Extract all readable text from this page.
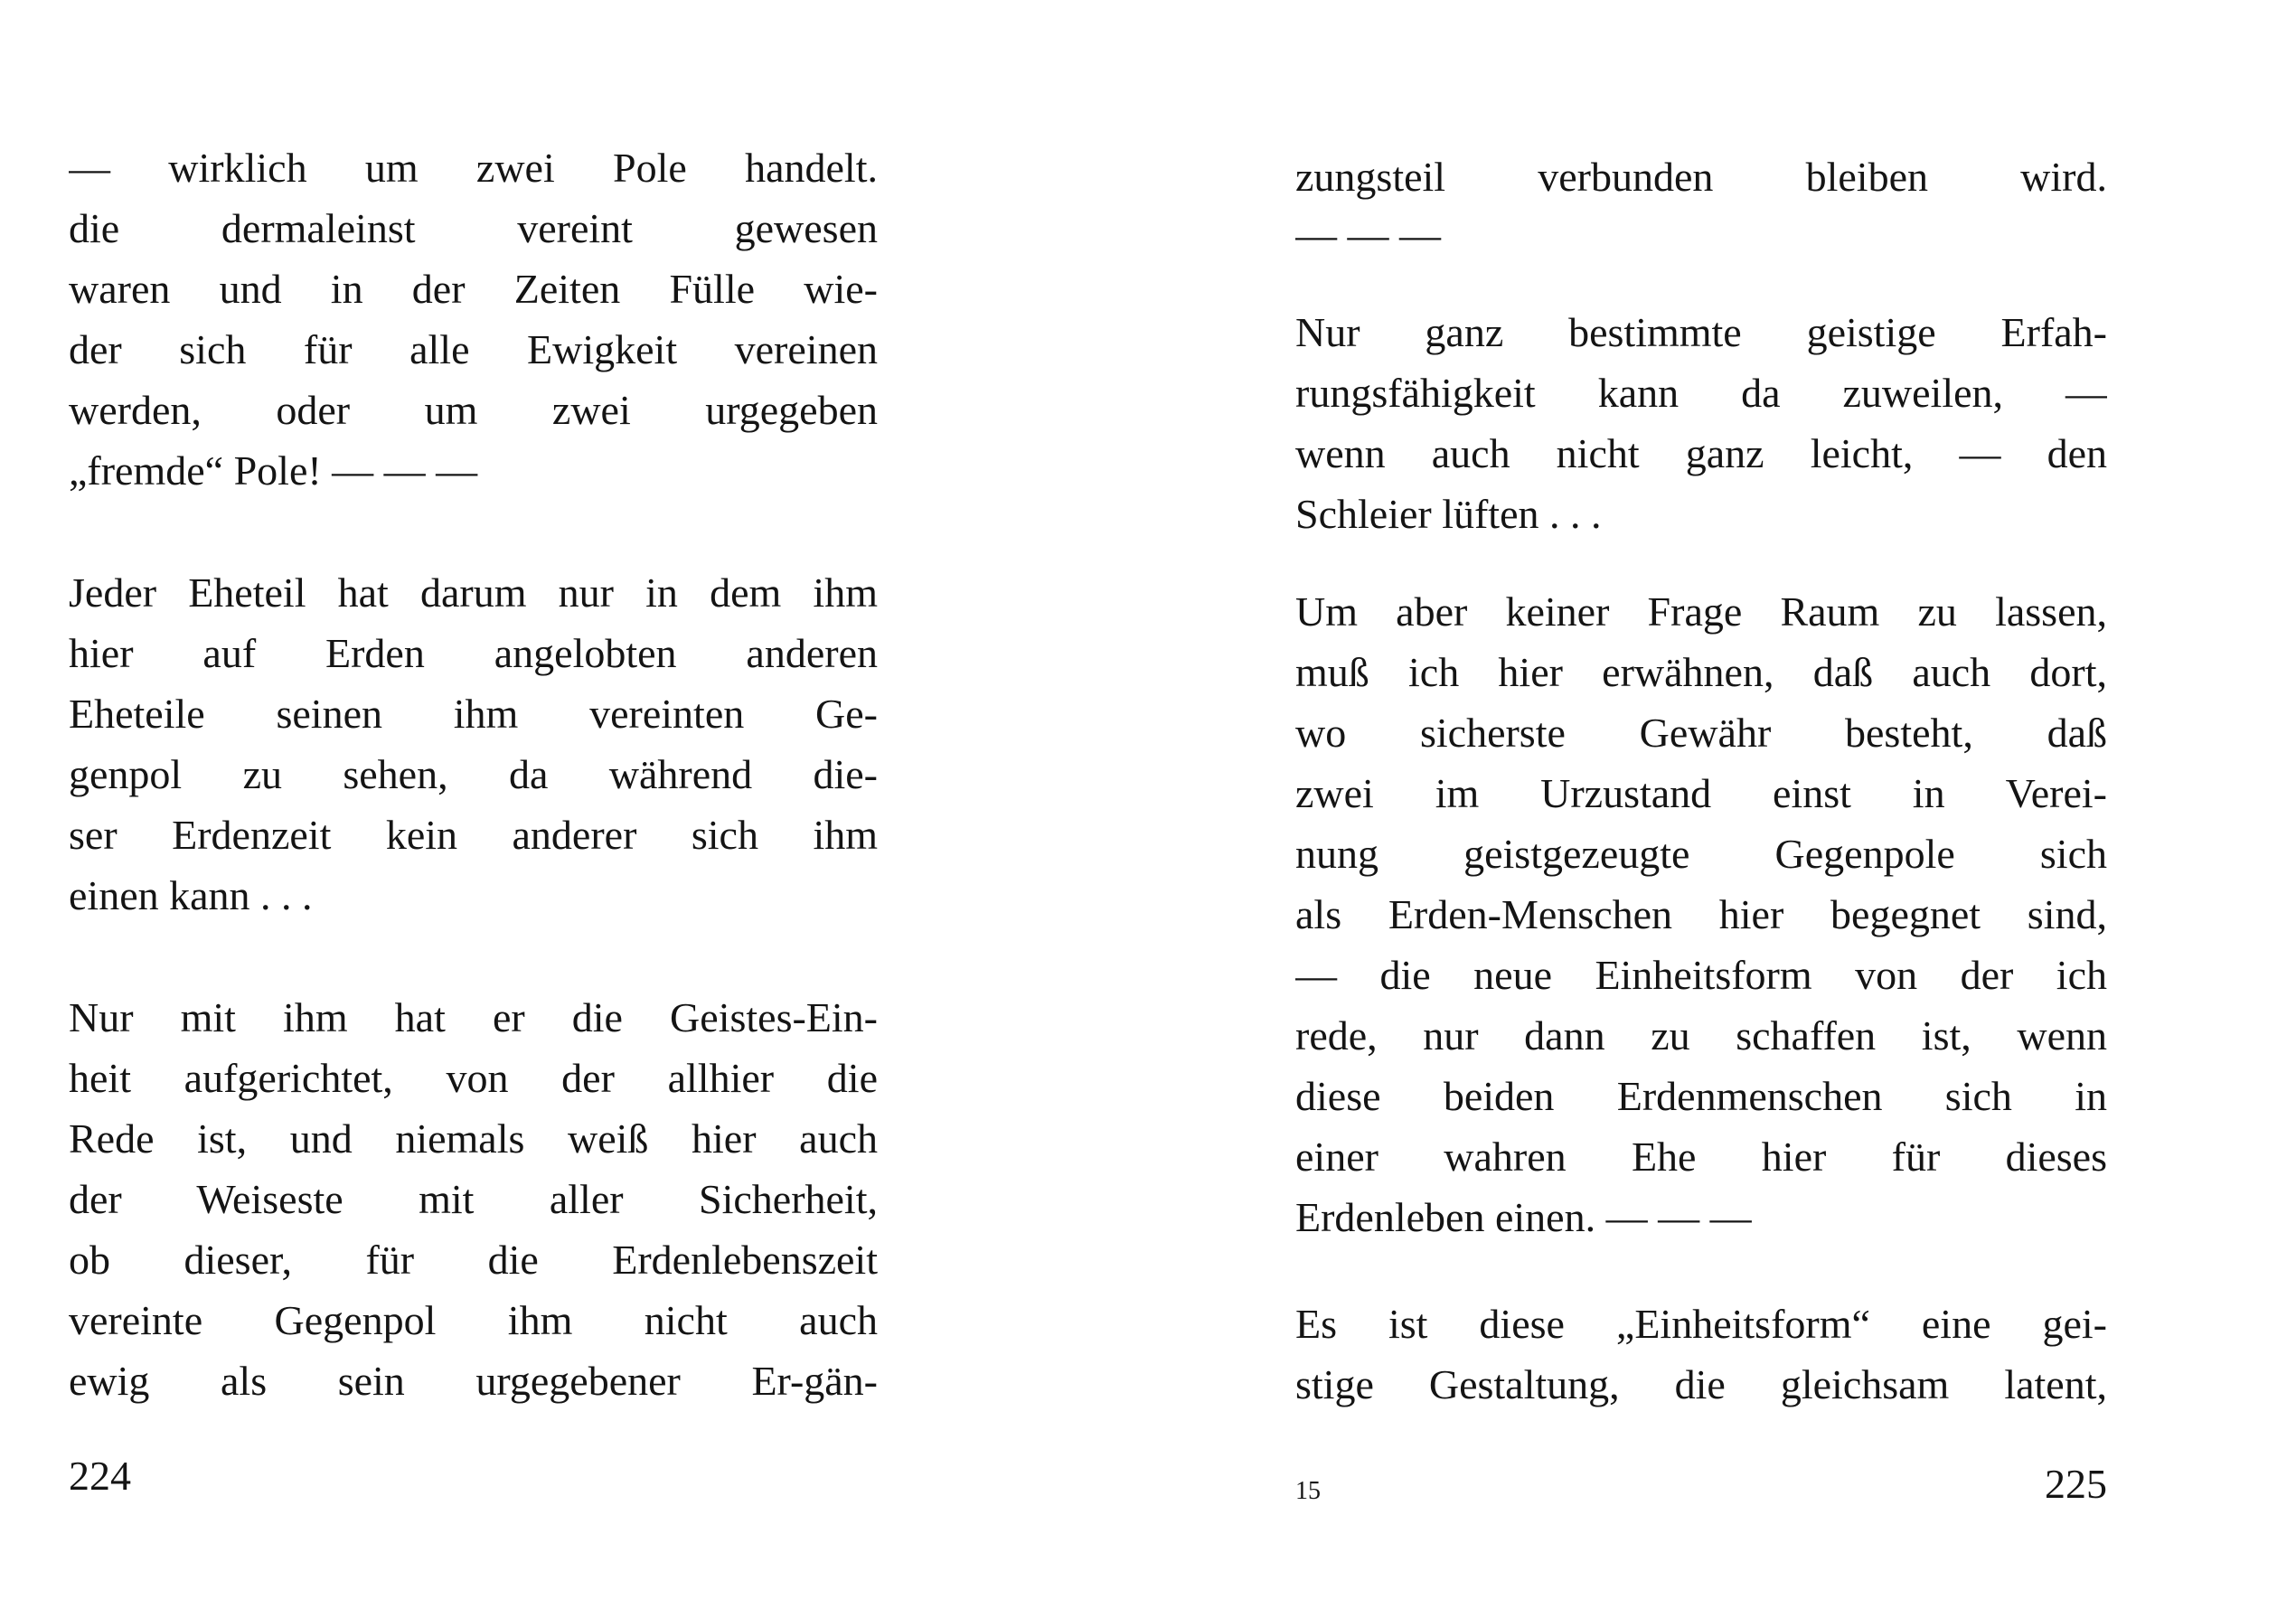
— wirklich um zwei Pole handelt.
die dermaleinst vereint gewesen
waren und in der Zeiten Fülle wie-
der sich für alle Ewigkeit vereinen
werden, oder um zwei urgegeben
„fremde“ Pole! — — —
Jeder Eheteil hat darum nur in dem ihm
hier auf Erden angelobten anderen
Eheteile seinen ihm vereinten Ge-
genpol zu sehen, da während die-
ser Erdenzeit kein anderer sich ihm
einen kann . . .
Nur mit ihm hat er die Geistes-Ein-
heit aufgerichtet, von der allhier die
Rede ist, und niemals weiß hier auch
der Weiseste mit aller Sicherheit,
ob dieser, für die Erdenlebenszeit
vereinte Gegenpol ihm nicht auch
ewig als sein urgegebener Er-gän-
224
zungsteil verbunden bleiben wird.
— — —
Nur ganz bestimmte geistige Erfah-
rungsfähigkeit kann da zuweilen, —
wenn auch nicht ganz leicht, — den
Schleier lüften . . .
Um aber keiner Frage Raum zu lassen,
muß ich hier erwähnen, daß auch dort,
wo sicherste Gewähr besteht, daß
zwei im Urzustand einst in Verei-
nung geistgezeugte Gegenpole sich
als Erden-Menschen hier begegnet sind,
— die neue Einheitsform von der ich
rede, nur dann zu schaffen ist, wenn
diese beiden Erdenmenschen sich in
einer wahren Ehe hier für dieses
Erdenleben einen. — — —
Es ist diese „Einheitsform“ eine gei-
stige Gestaltung, die gleichsam latent,
15	225
